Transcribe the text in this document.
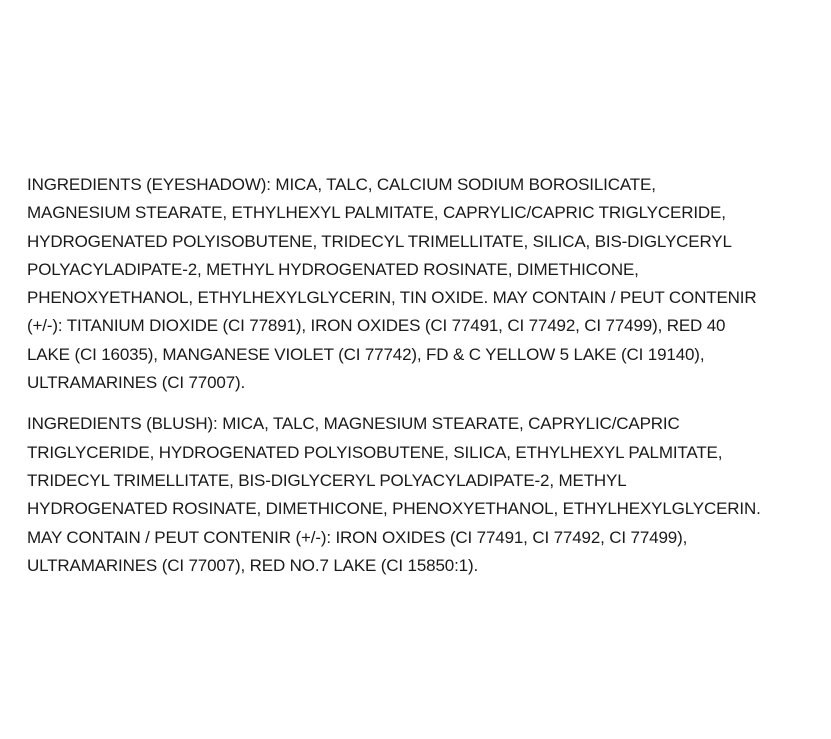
INGREDIENTS (EYESHADOW): MICA, TALC, CALCIUM SODIUM BOROSILICATE,
MAGNESIUM STEARATE, ETHYLHEXYL PALMITATE, CAPRYLIC/CAPRIC TRIGLYCERIDE,
HYDROGENATED POLYISOBUTENE, TRIDECYL TRIMELLITATE, SILICA, BIS-DIGLYCERYL
POLYACYLADIPATE-2, METHYL HYDROGENATED ROSINATE, DIMETHICONE,
PHENOXYETHANOL, ETHYLHEXYLGLYCERIN, TIN OXIDE. MAY CONTAIN / PEUT CONTENIR
(+/-): TITANIUM DIOXIDE (CI 77891), IRON OXIDES (CI 77491, CI 77492, CI 77499), RED 40
LAKE (CI 16035), MANGANESE VIOLET (CI 77742), FD & C YELLOW 5 LAKE (CI 19140),
ULTRAMARINES (CI 77007).

INGREDIENTS (BLUSH): MICA, TALC, MAGNESIUM STEARATE, CAPRYLIC/CAPRIC
TRIGLYCERIDE, HYDROGENATED POLYISOBUTENE, SILICA, ETHYLHEXYL PALMITATE,
TRIDECYL TRIMELLITATE, BIS-DIGLYCERYL POLYACYLADIPATE-2, METHYL
HYDROGENATED ROSINATE, DIMETHICONE, PHENOXYETHANOL, ETHYLHEXYLGLYCERIN.
MAY CONTAIN / PEUT CONTENIR (+/-): IRON OXIDES (CI 77491, CI 77492, CI 77499),
ULTRAMARINES (CI 77007), RED NO.7 LAKE (CI 15850:1).
